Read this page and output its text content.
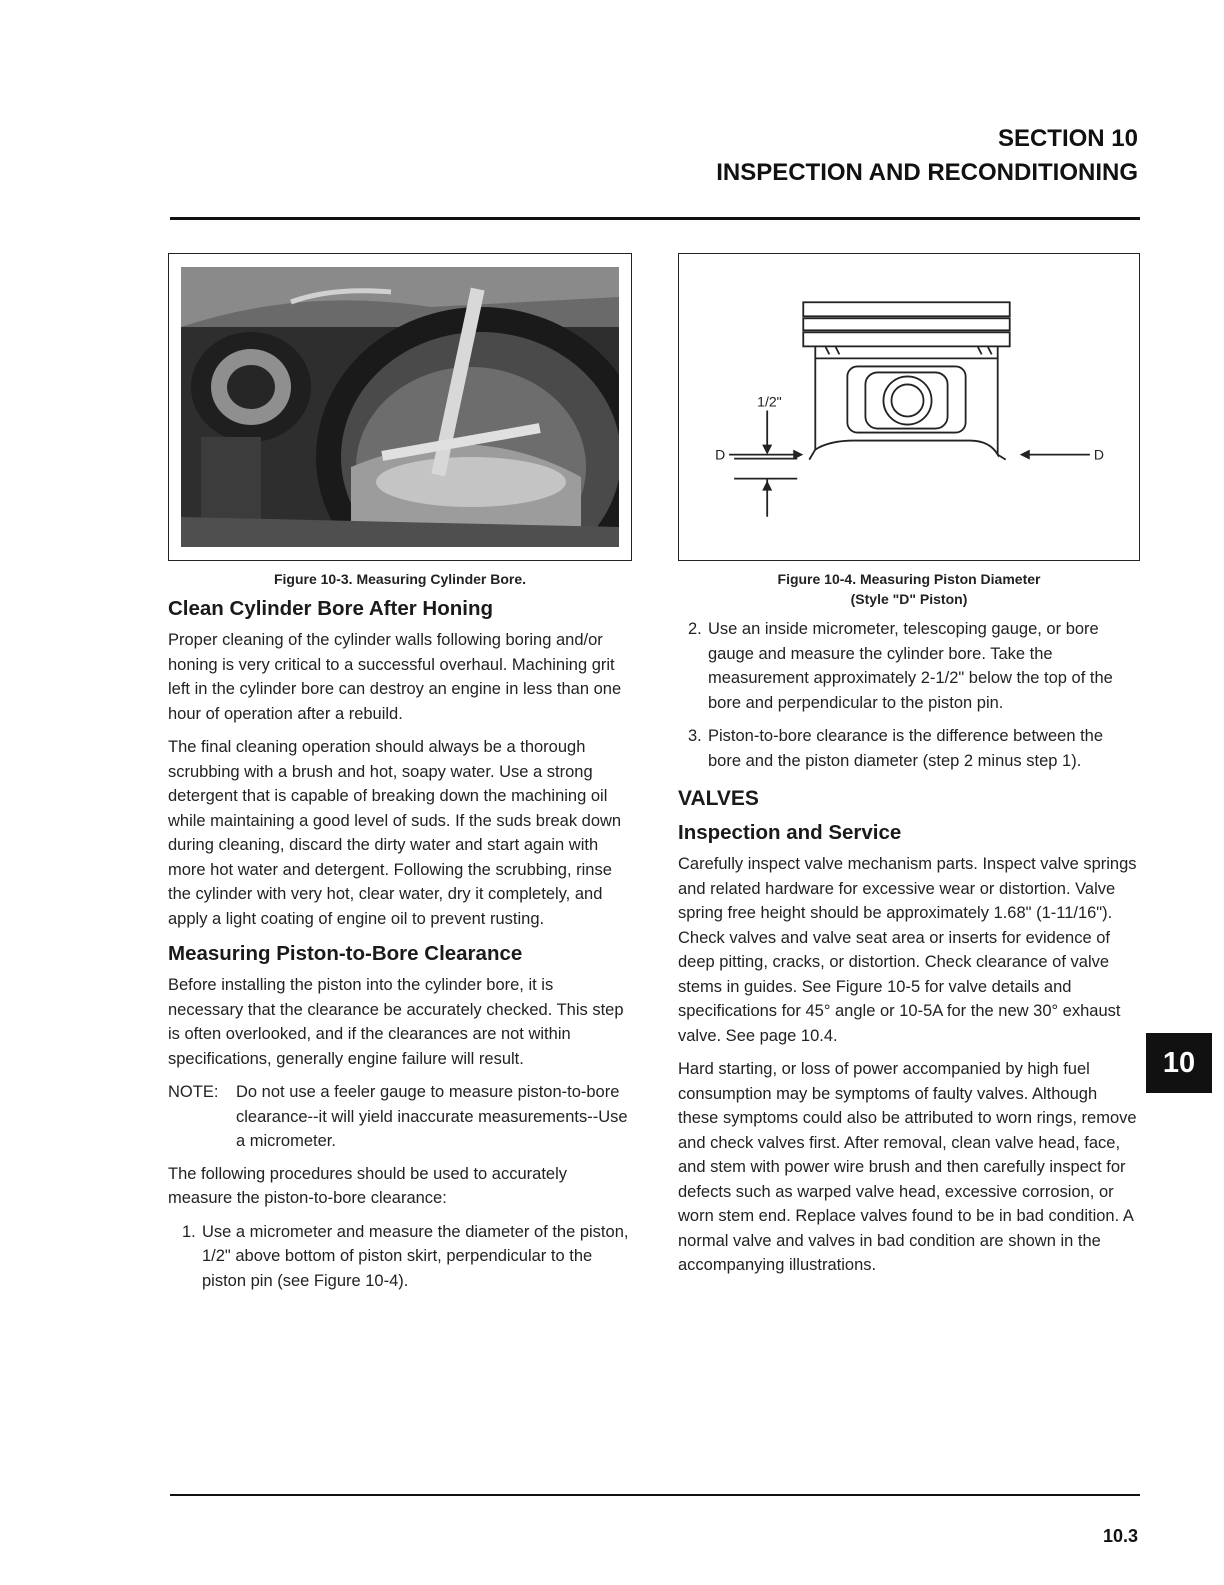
SECTION 10
INSPECTION AND RECONDITIONING
Figure 10-3. Measuring Cylinder Bore.
Clean Cylinder Bore After Honing

Proper cleaning of the cylinder walls following boring and/or honing is very critical to a successful overhaul. Machining grit left in the cylinder bore can destroy an engine in less than one hour of operation after a rebuild.

The final cleaning operation should always be a thorough scrubbing with a brush and hot, soapy water. Use a strong detergent that is capable of breaking down the machining oil while maintaining a good level of suds. If the suds break down during cleaning, discard the dirty water and start again with more hot water and detergent. Following the scrubbing, rinse the cylinder with very hot, clear water, dry it completely, and apply a light coating of engine oil to prevent rusting.

Measuring Piston-to-Bore Clearance

Before installing the piston into the cylinder bore, it is necessary that the clearance be accurately checked. This step is often overlooked, and if the clearances are not within specifications, generally engine failure will result.

NOTE:	Do not use a feeler gauge to measure piston-to-bore clearance--it will yield inaccurate measurements--Use a micrometer.

The following procedures should be used to accurately measure the piston-to-bore clearance:

1. Use a micrometer and measure the diameter of the piston, 1/2" above bottom of piston skirt, perpendicular to the piston pin (see Figure 10-4).
1/2"
D	D
Figure 10-4. Measuring Piston Diameter
(Style "D" Piston)
2. Use an inside micrometer, telescoping gauge, or bore gauge and measure the cylinder bore. Take the measurement approximately 2-1/2" below the top of the bore and perpendicular to the piston pin.
3. Piston-to-bore clearance is the difference between the bore and the piston diameter (step 2 minus step 1).
VALVES
Inspection and Service

Carefully inspect valve mechanism parts. Inspect valve springs and related hardware for excessive wear or distortion. Valve spring free height should be approximately 1.68" (1-11/16"). Check valves and valve seat area or inserts for evidence of deep pitting, cracks, or distortion. Check clearance of valve stems in guides. See Figure 10-5 for valve details and specifications for 45° angle or 10-5A for the new 30° exhaust valve. See page 10.4.

Hard starting, or loss of power accompanied by high fuel consumption may be symptoms of faulty valves. Although these symptoms could also be attributed to worn rings, remove and check valves first. After removal, clean valve head, face, and stem with power wire brush and then carefully inspect for defects such as warped valve head, excessive corrosion, or worn stem end. Replace valves found to be in bad condition. A normal valve and valves in bad condition are shown in the accompanying illustrations.

10
10.3
